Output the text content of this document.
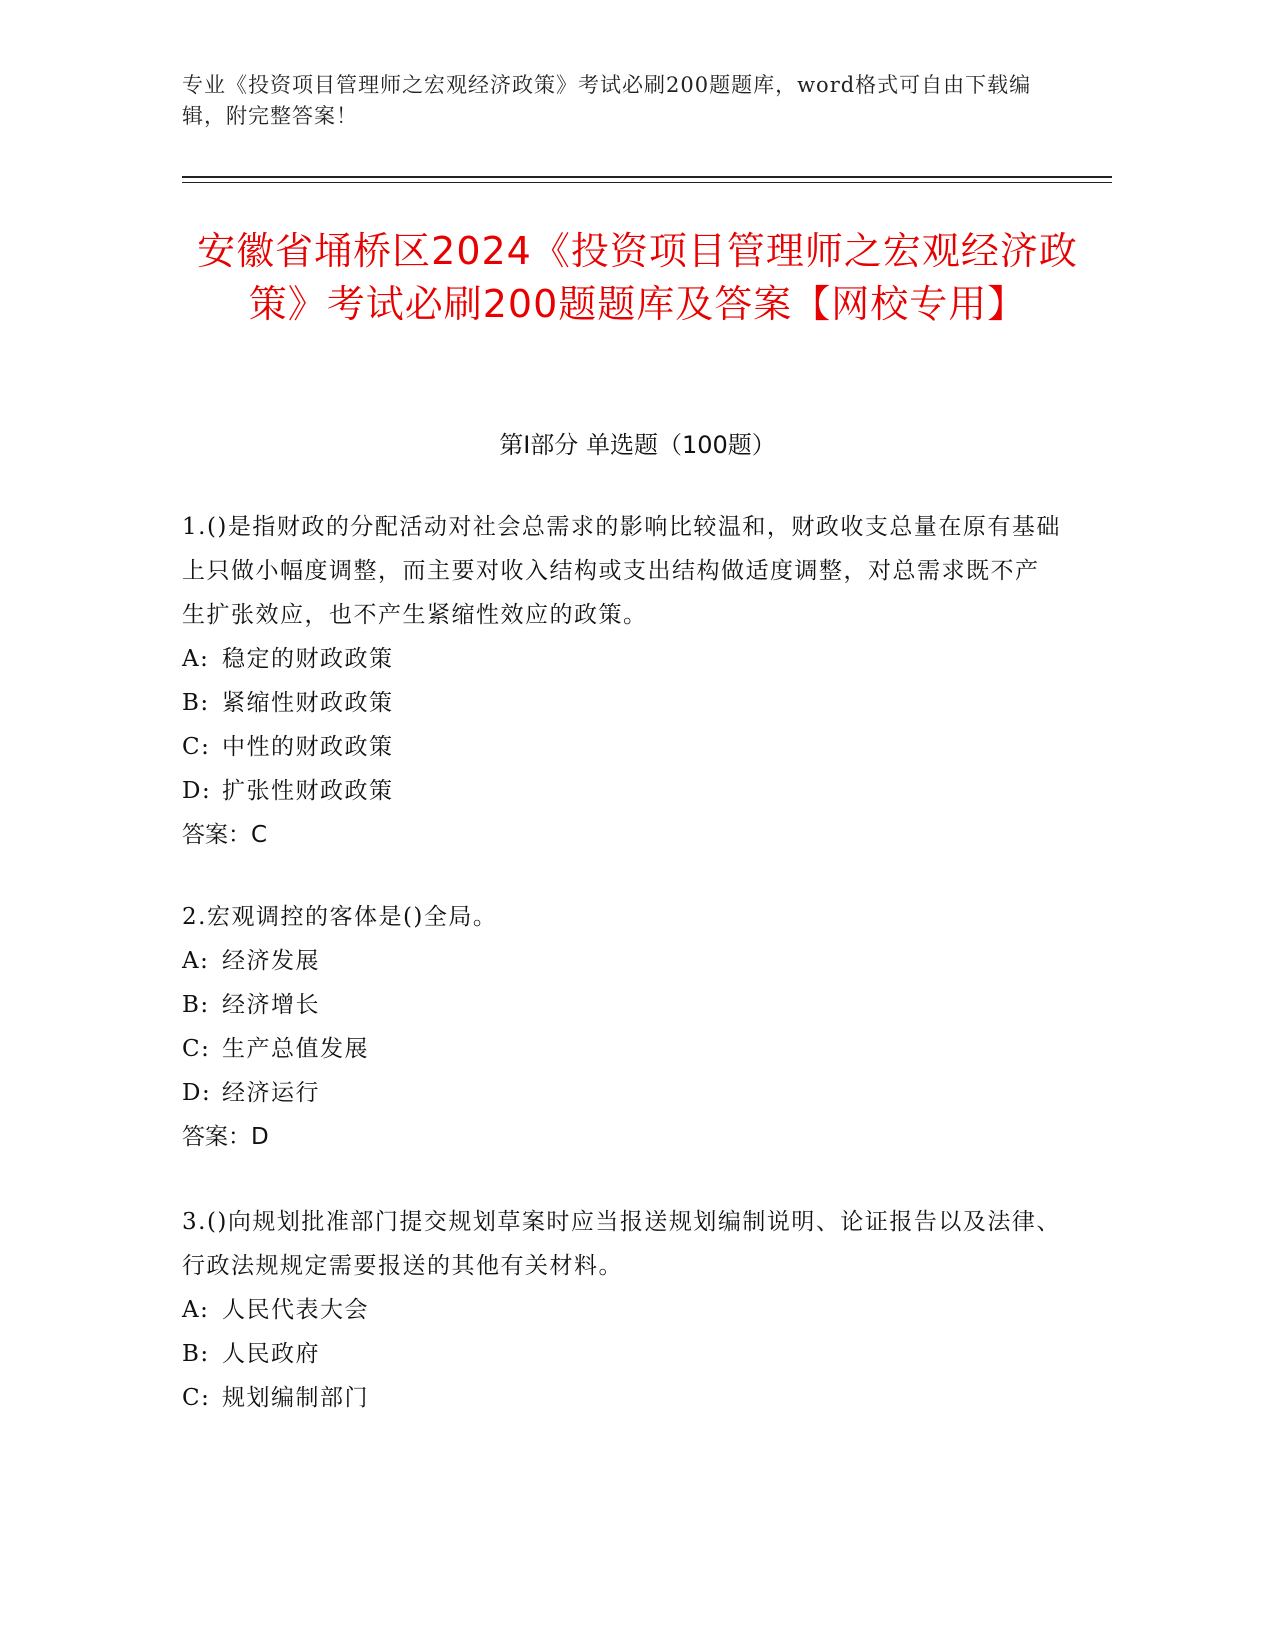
专业《投资项目管理师之宏观经济政策》考试必刷200题题库，word格式可自由下载编辑，附完整答案！
安徽省埇桥区2024《投资项目管理师之宏观经济政策》考试必刷200题题库及答案【网校专用】
第Ⅰ部分 单选题（100题）
1.()是指财政的分配活动对社会总需求的影响比较温和，财政收支总量在原有基础上只做小幅度调整，而主要对收入结构或支出结构做适度调整，对总需求既不产生扩张效应，也不产生紧缩性效应的政策。
A: 稳定的财政政策
B: 紧缩性财政政策
C: 中性的财政政策
D: 扩张性财政政策
答案：C
2.宏观调控的客体是()全局。
A: 经济发展
B: 经济增长
C: 生产总值发展
D: 经济运行
答案：D
3.()向规划批准部门提交规划草案时应当报送规划编制说明、论证报告以及法律、行政法规规定需要报送的其他有关材料。
A: 人民代表大会
B: 人民政府
C: 规划编制部门
